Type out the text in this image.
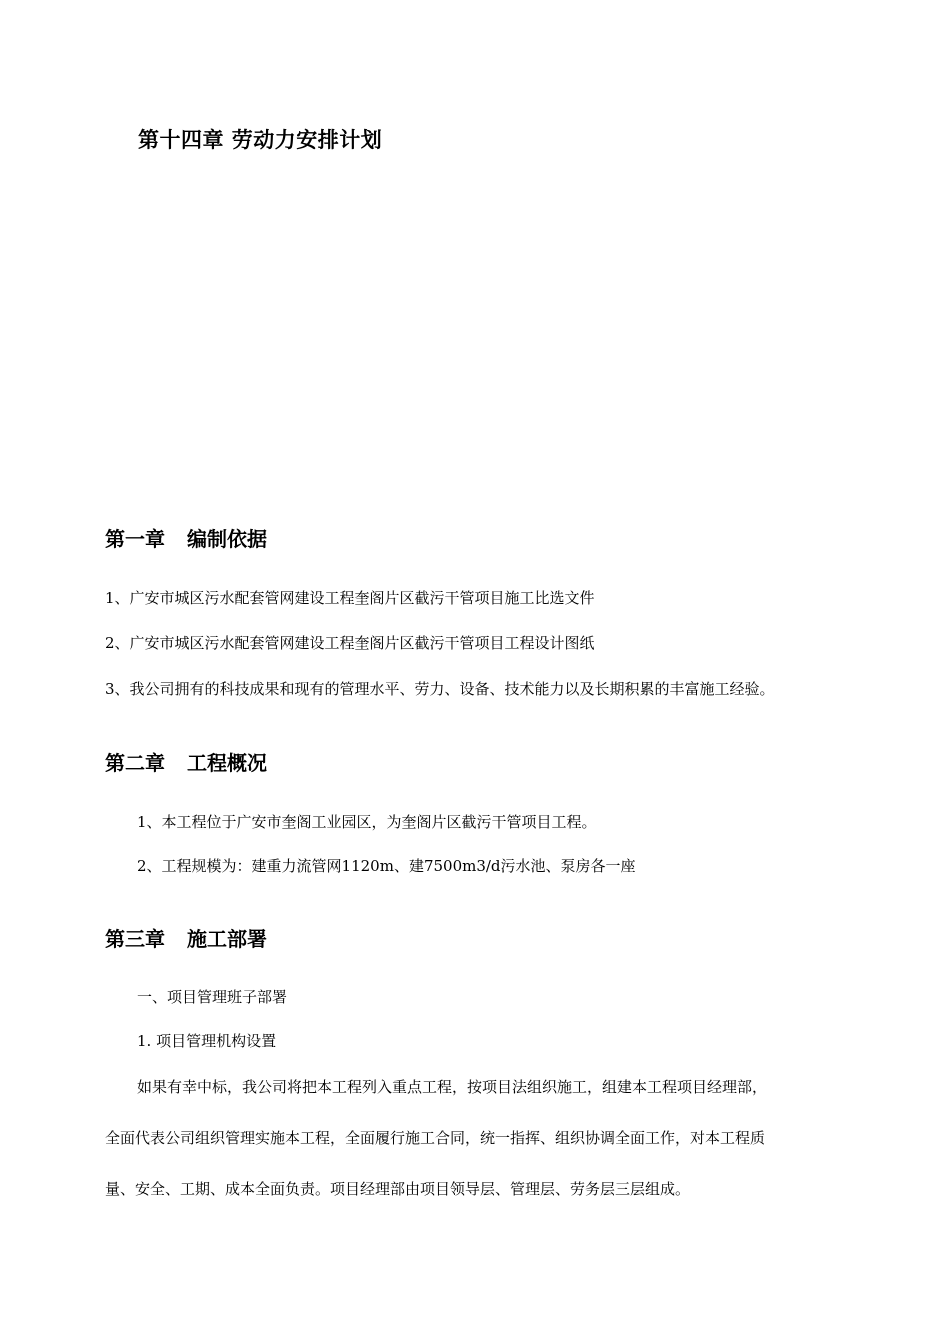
第十四章 劳动力安排计划
第一章 编制依据
1、广安市城区污水配套管网建设工程奎阁片区截污干管项目施工比选文件
2、广安市城区污水配套管网建设工程奎阁片区截污干管项目工程设计图纸
3、我公司拥有的科技成果和现有的管理水平、劳力、设备、技术能力以及长期积累的丰富施工经验。
第二章 工程概况
1、本工程位于广安市奎阁工业园区，为奎阁片区截污干管项目工程。
2、工程规模为：建重力流管网1120m、建7500m3/d污水池、泵房各一座
第三章 施工部署
一、项目管理班子部署
1. 项目管理机构设置
如果有幸中标，我公司将把本工程列入重点工程，按项目法组织施工，组建本工程项目经理部，
全面代表公司组织管理实施本工程，全面履行施工合同，统一指挥、组织协调全面工作，对本工程质
量、安全、工期、成本全面负责。项目经理部由项目领导层、管理层、劳务层三层组成。
